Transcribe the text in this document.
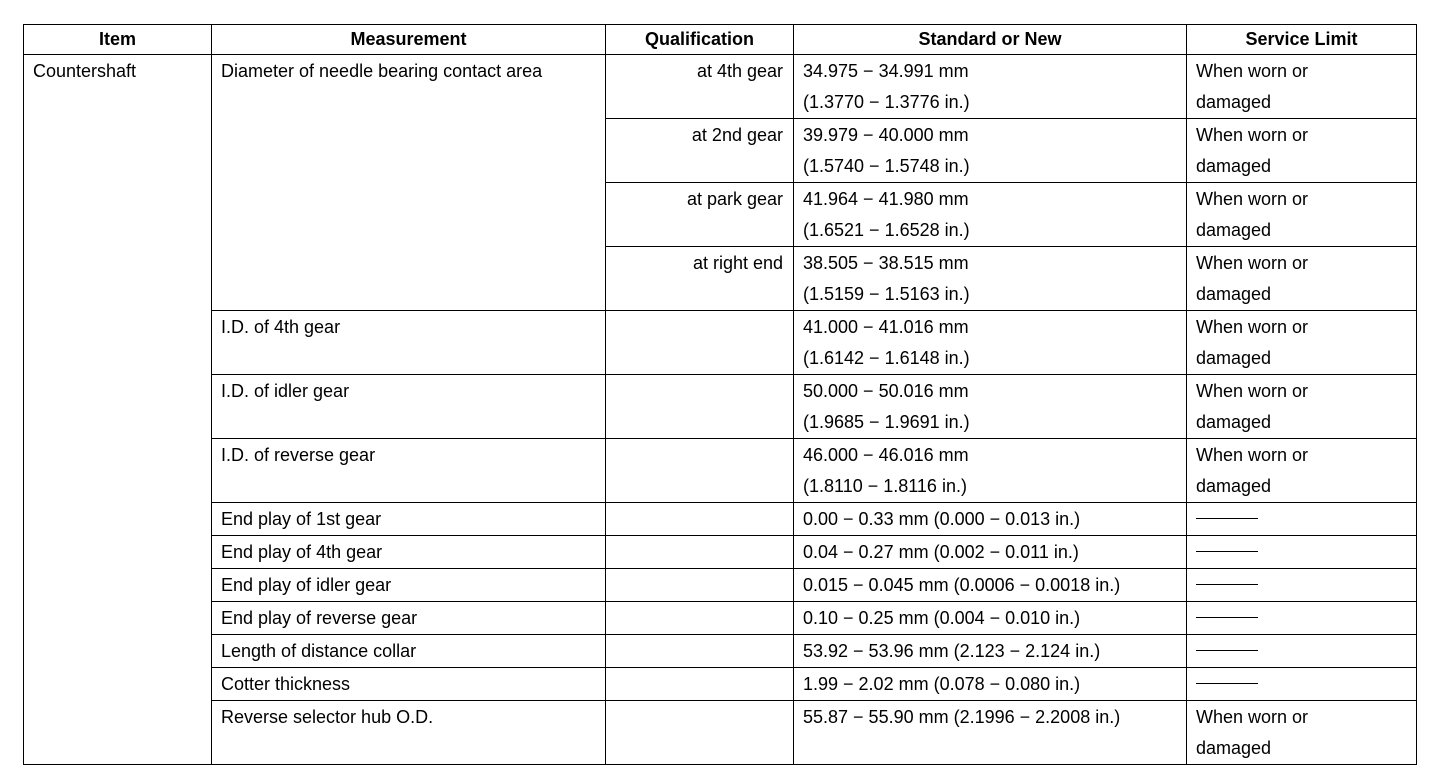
Item	Measurement	Qualification	Standard or New	Service Limit
Countershaft	Diameter of needle bearing contact area	at 4th gear	34.975 − 34.991 mm
(1.3770 − 1.3776 in.)	When worn or damaged

		at 2nd gear	39.979 − 40.000 mm
(1.5740 − 1.5748 in.)	When worn or damaged

		at park gear	41.964 − 41.980 mm
(1.6521 − 1.6528 in.)	When worn or damaged

		at right end	38.505 − 38.515 mm
(1.5159 − 1.5163 in.)	When worn or damaged

	I.D. of 4th gear		41.000 − 41.016 mm
(1.6142 − 1.6148 in.)	When worn or damaged

	I.D. of idler gear		50.000 − 50.016 mm
(1.9685 − 1.9691 in.)	When worn or damaged

	I.D. of reverse gear		46.000 − 46.016 mm
(1.8110 − 1.8116 in.)	When worn or damaged

	End play of 1st gear		0.00 − 0.33 mm (0.000 − 0.013 in.)	
	End play of 4th gear		0.04 − 0.27 mm (0.002 − 0.011 in.)	
	End play of idler gear		0.015 − 0.045 mm (0.0006 − 0.0018 in.)	
	End play of reverse gear		0.10 − 0.25 mm (0.004 − 0.010 in.)	
	Length of distance collar		53.92 − 53.96 mm (2.123 − 2.124 in.)	
	Cotter thickness		1.99 − 2.02 mm (0.078 − 0.080 in.)	
	Reverse selector hub O.D.		55.87 − 55.90 mm (2.1996 − 2.2008 in.)	When worn or damaged
